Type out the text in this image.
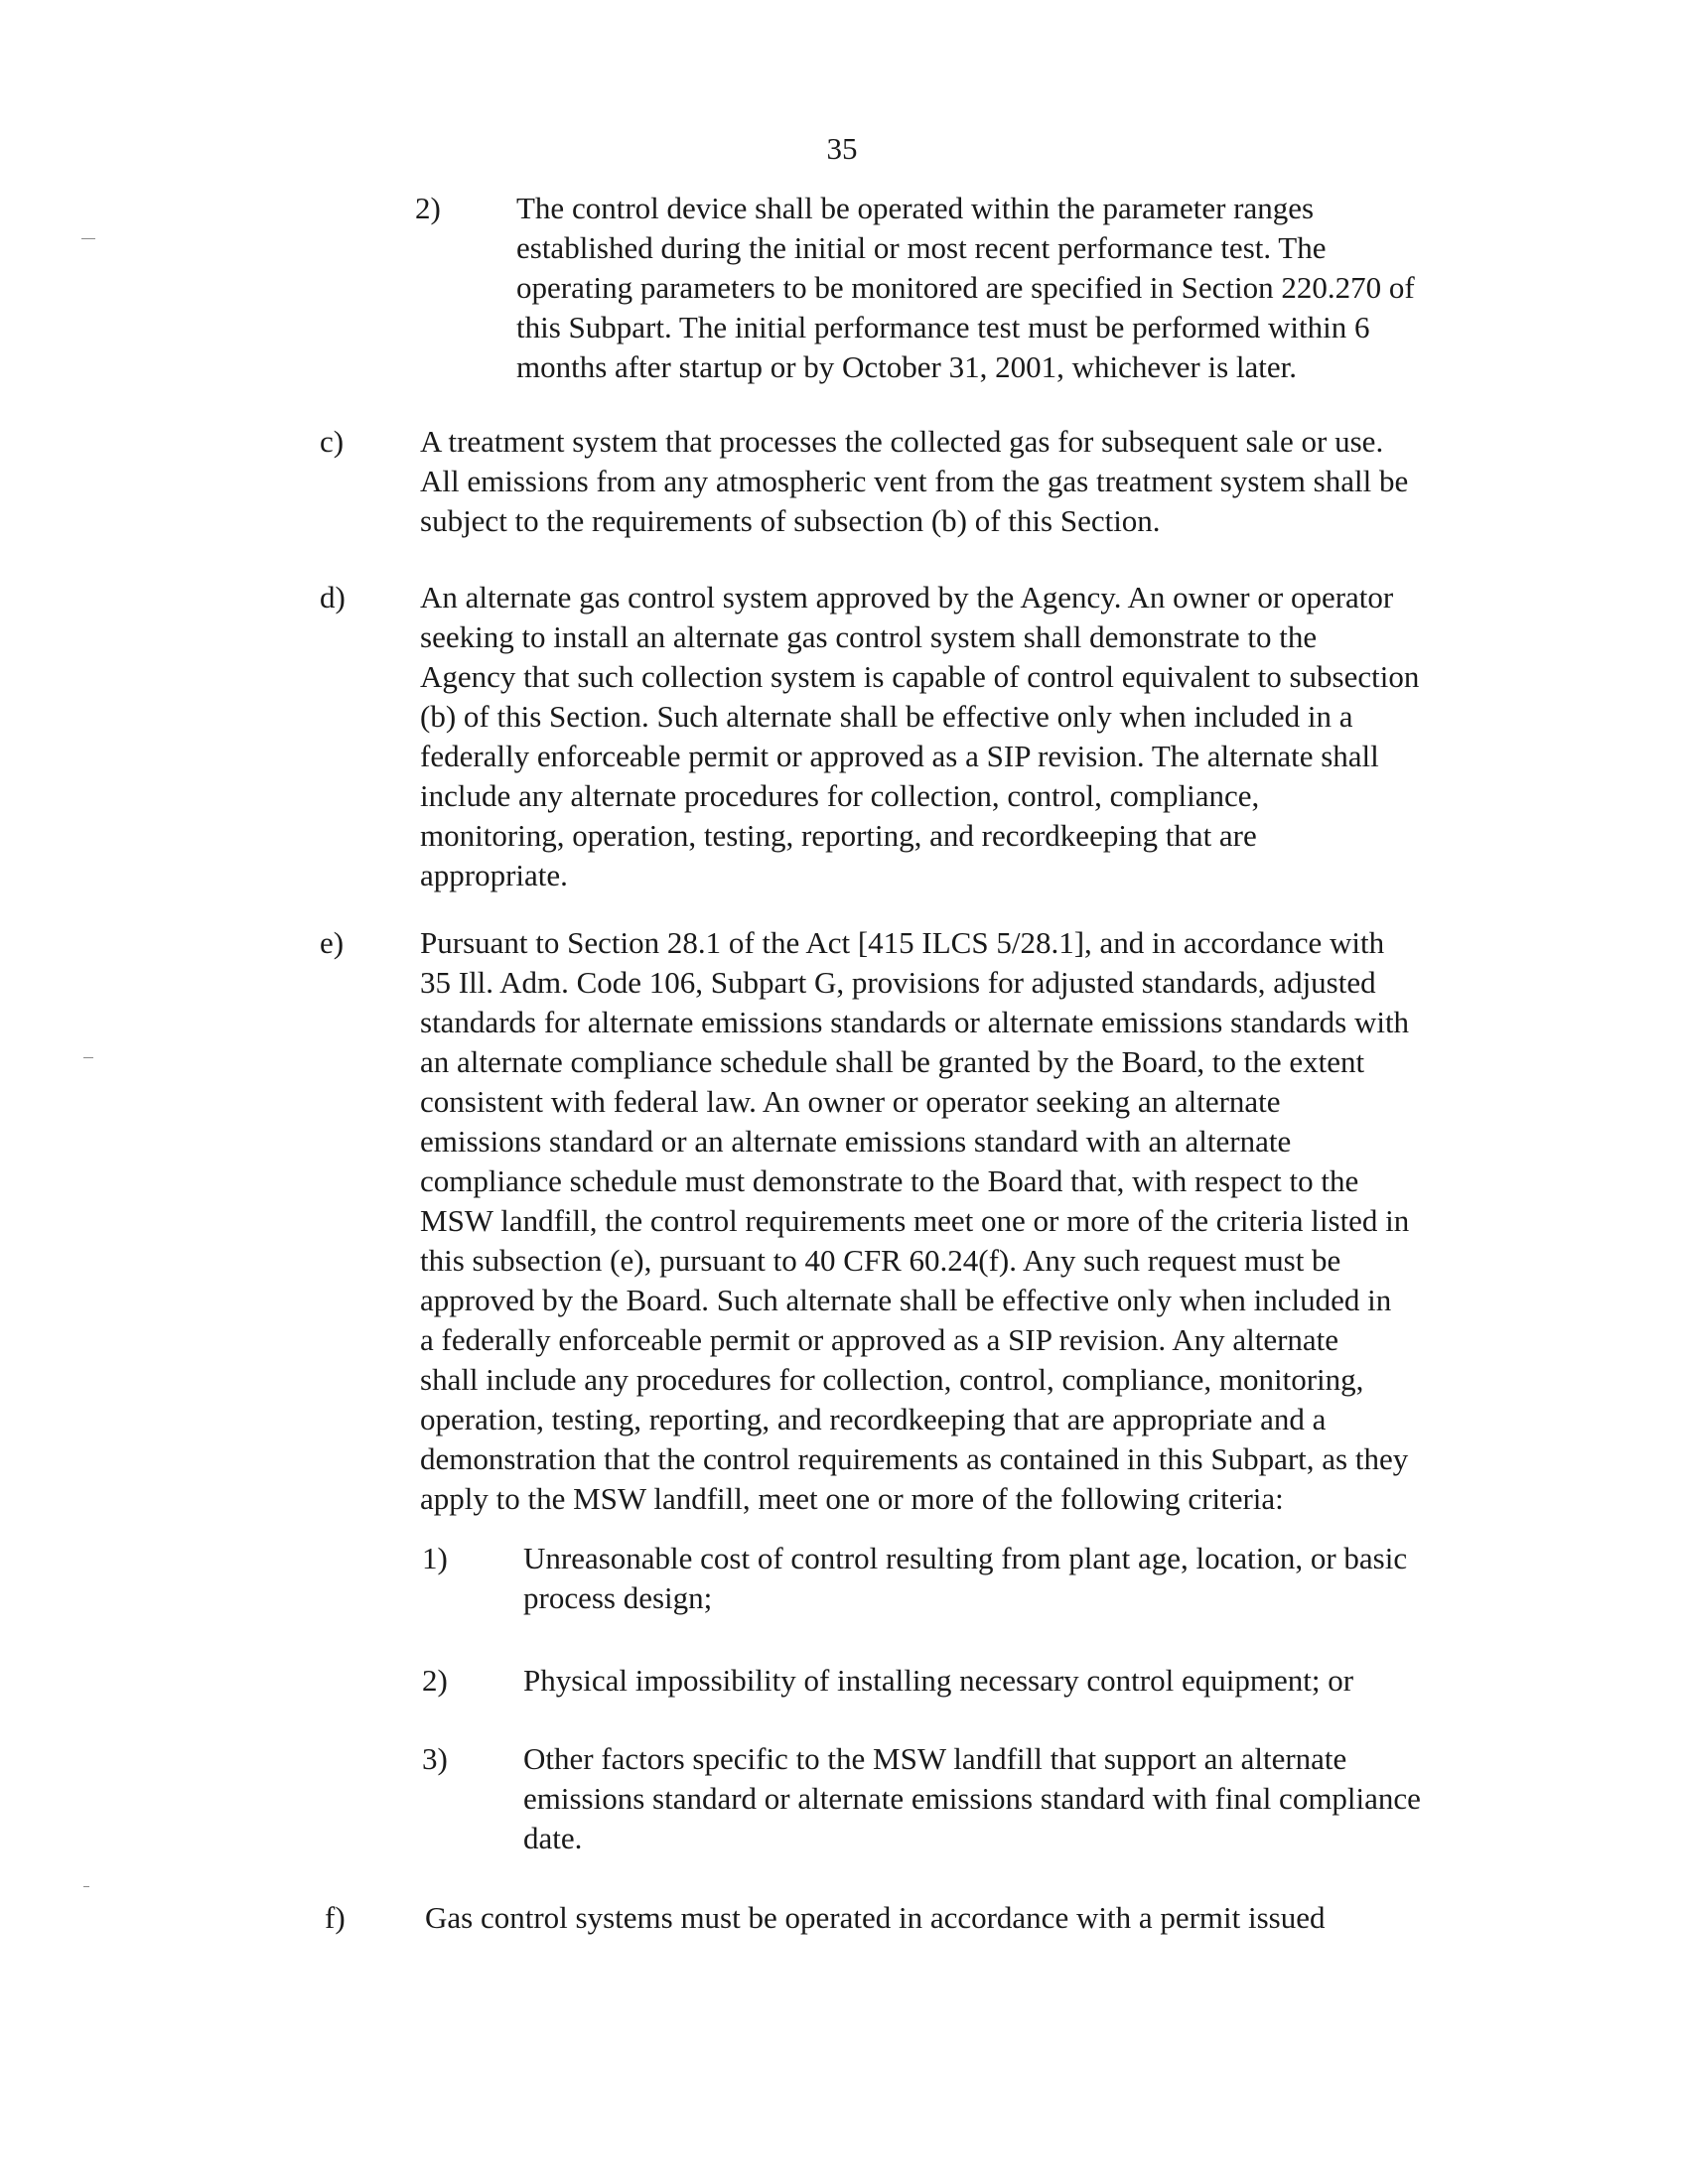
35
2) The control device shall be operated within the parameter ranges
established during the initial or most recent performance test. The
operating parameters to be monitored are specified in Section 220.270 of
this Subpart. The initial performance test must be performed within 6
months after startup or by October 31, 2001, whichever is later.
c) A treatment system that processes the collected gas for subsequent sale or use.
All emissions from any atmospheric vent from the gas treatment system shall be
subject to the requirements of subsection (b) of this Section.
d) An alternate gas control system approved by the Agency. An owner or operator
seeking to install an alternate gas control system shall demonstrate to the
Agency that such collection system is capable of control equivalent to subsection
(b) of this Section. Such alternate shall be effective only when included in a
federally enforceable permit or approved as a SIP revision. The alternate shall
include any alternate procedures for collection, control, compliance,
monitoring, operation, testing, reporting, and recordkeeping that are
appropriate.
e) Pursuant to Section 28.1 of the Act [415 ILCS 5/28.1], and in accordance with
35 Ill. Adm. Code 106, Subpart G, provisions for adjusted standards, adjusted
standards for alternate emissions standards or alternate emissions standards with
an alternate compliance schedule shall be granted by the Board, to the extent
consistent with federal law. An owner or operator seeking an alternate
emissions standard or an alternate emissions standard with an alternate
compliance schedule must demonstrate to the Board that, with respect to the
MSW landfill, the control requirements meet one or more of the criteria listed in
this subsection (e), pursuant to 40 CFR 60.24(f). Any such request must be
approved by the Board. Such alternate shall be effective only when included in
a federally enforceable permit or approved as a SIP revision. Any alternate
shall include any procedures for collection, control, compliance, monitoring,
operation, testing, reporting, and recordkeeping that are appropriate and a
demonstration that the control requirements as contained in this Subpart, as they
apply to the MSW landfill, meet one or more of the following criteria:
1) Unreasonable cost of control resulting from plant age, location, or basic
process design;
2) Physical impossibility of installing necessary control equipment; or
3) Other factors specific to the MSW landfill that support an alternate
emissions standard or alternate emissions standard with final compliance
date.
f)	Gas control systems must be operated in accordance with a permit issued
